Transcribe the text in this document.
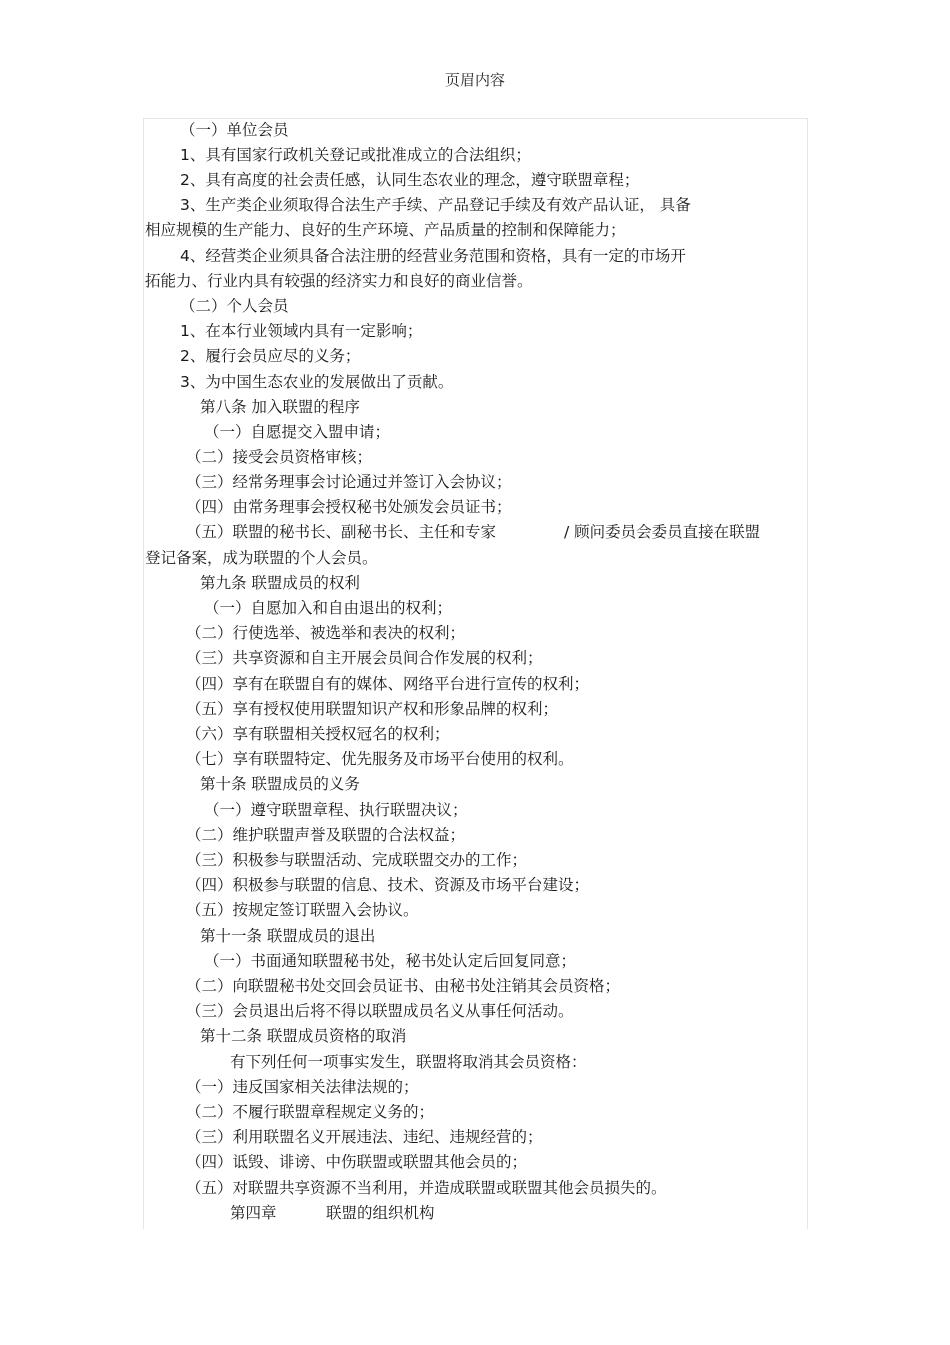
页眉内容
（一）单位会员
1、具有国家行政机关登记或批准成立的合法组织；
2、具有高度的社会责任感，认同生态农业的理念，遵守联盟章程；
3、生产类企业须取得合法生产手续、产品登记手续及有效产品认证， 具备
相应规模的生产能力、良好的生产环境、产品质量的控制和保障能力；
4、经营类企业须具备合法注册的经营业务范围和资格，具有一定的市场开
拓能力、行业内具有较强的经济实力和良好的商业信誉。
（二）个人会员
1、在本行业领域内具有一定影响；
2、履行会员应尽的义务；
3、为中国生态农业的发展做出了贡献。
第八条 加入联盟的程序
（一）自愿提交入盟申请；
（二）接受会员资格审核；
（三）经常务理事会讨论通过并签订入会协议；
（四）由常务理事会授权秘书处颁发会员证书；
（五）联盟的秘书长、副秘书长、主任和专家	/ 顾问委员会委员直接在联盟
登记备案，成为联盟的个人会员。
第九条 联盟成员的权利
（一）自愿加入和自由退出的权利；
（二）行使选举、被选举和表决的权利；
（三）共享资源和自主开展会员间合作发展的权利；
（四）享有在联盟自有的媒体、网络平台进行宣传的权利；
（五）享有授权使用联盟知识产权和形象品牌的权利；
（六）享有联盟相关授权冠名的权利；
（七）享有联盟特定、优先服务及市场平台使用的权利。
第十条 联盟成员的义务
（一）遵守联盟章程、执行联盟决议；
（二）维护联盟声誉及联盟的合法权益；
（三）积极参与联盟活动、完成联盟交办的工作；
（四）积极参与联盟的信息、技术、资源及市场平台建设；
（五）按规定签订联盟入会协议。
第十一条 联盟成员的退出
（一）书面通知联盟秘书处，秘书处认定后回复同意；
（二）向联盟秘书处交回会员证书、由秘书处注销其会员资格；
（三）会员退出后将不得以联盟成员名义从事任何活动。
第十二条 联盟成员资格的取消
有下列任何一项事实发生，联盟将取消其会员资格：
（一）违反国家相关法律法规的；
（二）不履行联盟章程规定义务的；
（三）利用联盟名义开展违法、违纪、违规经营的；
（四）诋毁、诽谤、中伤联盟或联盟其他会员的；
（五）对联盟共享资源不当利用，并造成联盟或联盟其他会员损失的。
第四章	联盟的组织机构
